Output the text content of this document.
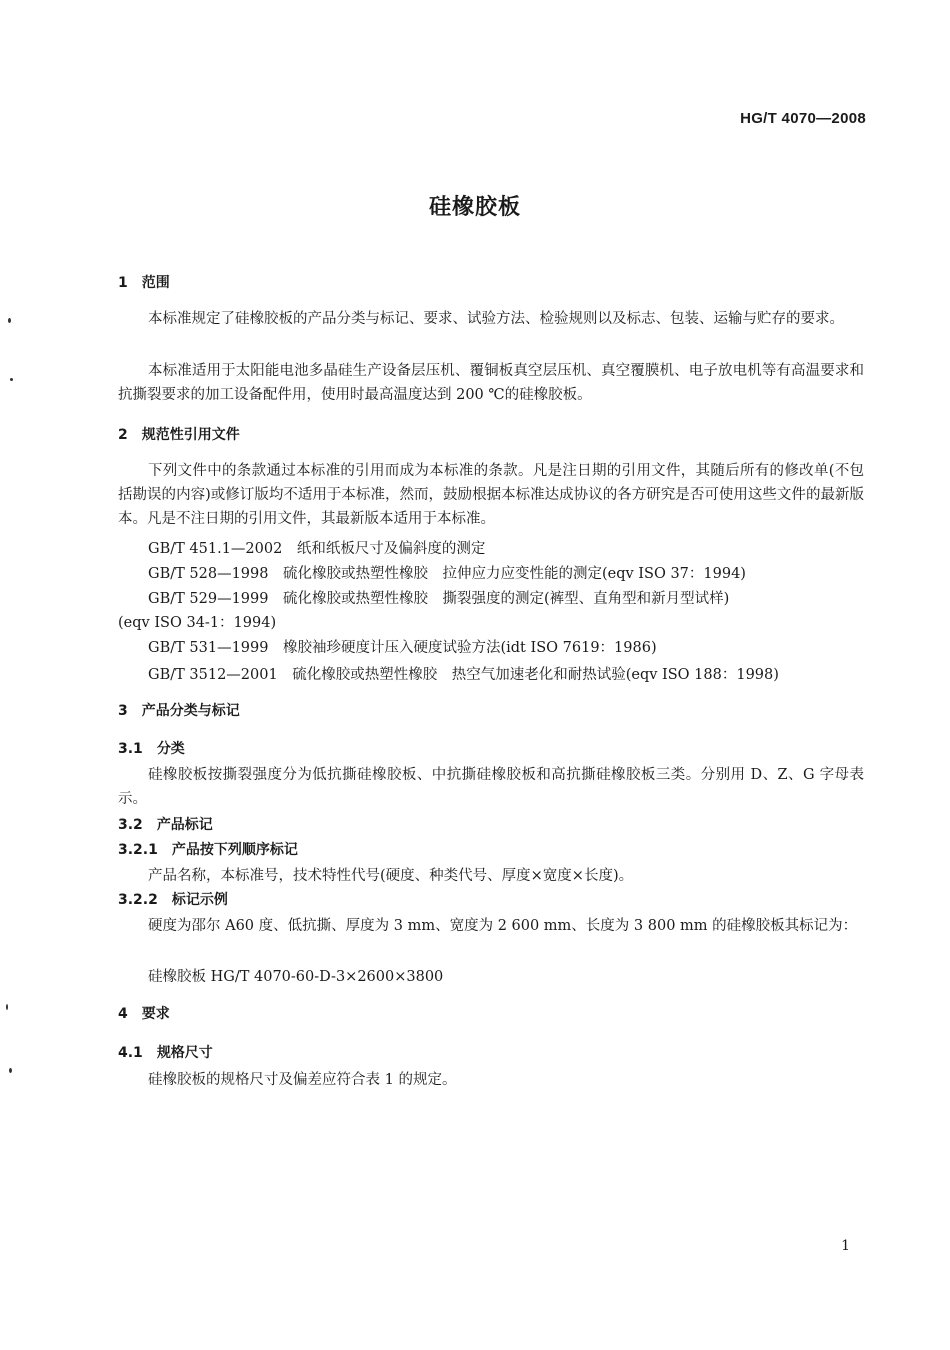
HG/T 4070—2008
硅橡胶板
1 范围
本标准规定了硅橡胶板的产品分类与标记、要求、试验方法、检验规则以及标志、包装、运输与贮存的要求。
本标准适用于太阳能电池多晶硅生产设备层压机、覆铜板真空层压机、真空覆膜机、电子放电机等有高温要求和抗撕裂要求的加工设备配件用，使用时最高温度达到 200 ℃的硅橡胶板。
2 规范性引用文件
下列文件中的条款通过本标准的引用而成为本标准的条款。凡是注日期的引用文件，其随后所有的修改单(不包括勘误的内容)或修订版均不适用于本标准，然而，鼓励根据本标准达成协议的各方研究是否可使用这些文件的最新版本。凡是不注日期的引用文件，其最新版本适用于本标准。
GB/T 451.1—2002　纸和纸板尺寸及偏斜度的测定
GB/T 528—1998　硫化橡胶或热塑性橡胶　拉伸应力应变性能的测定(eqv ISO 37：1994)
GB/T 529—1999　硫化橡胶或热塑性橡胶　撕裂强度的测定(裤型、直角型和新月型试样)
(eqv ISO 34-1：1994)
GB/T 531—1999　橡胶袖珍硬度计压入硬度试验方法(idt ISO 7619：1986)
GB/T 3512—2001　硫化橡胶或热塑性橡胶　热空气加速老化和耐热试验(eqv ISO 188：1998)
3 产品分类与标记
3.1 分类
硅橡胶板按撕裂强度分为低抗撕硅橡胶板、中抗撕硅橡胶板和高抗撕硅橡胶板三类。分别用 D、Z、G 字母表示。
3.2 产品标记
3.2.1 产品按下列顺序标记
产品名称，本标准号，技术特性代号(硬度、种类代号、厚度×宽度×长度)。
3.2.2 标记示例
硬度为邵尔 A60 度、低抗撕、厚度为 3 mm、宽度为 2 600 mm、长度为 3 800 mm 的硅橡胶板其标记为：
硅橡胶板 HG/T 4070-60-D-3×2600×3800
4 要求
4.1 规格尺寸
硅橡胶板的规格尺寸及偏差应符合表 1 的规定。
1
